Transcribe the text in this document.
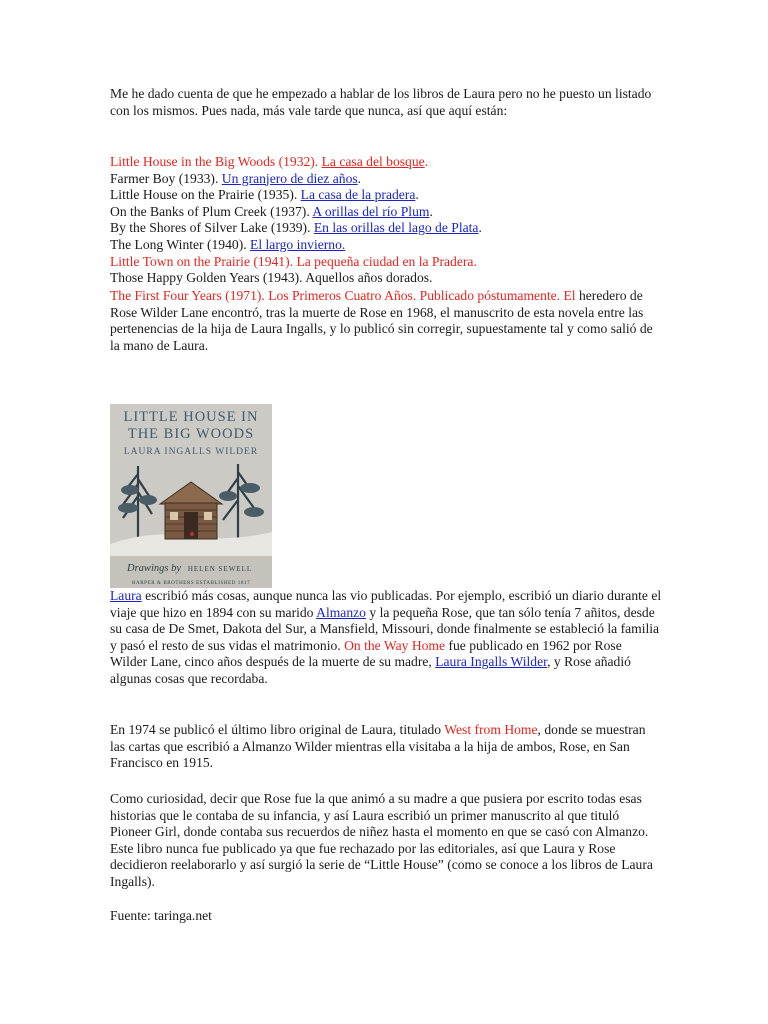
Me he dado cuenta de que he empezado a hablar de los libros de Laura pero no he puesto un listado con los mismos. Pues nada, más vale tarde que nunca, así que aquí están:

Little House in the Big Woods (1932). La casa del bosque.
Farmer Boy (1933). Un granjero de diez años.
Little House on the Prairie (1935). La casa de la pradera.
On the Banks of Plum Creek (1937). A orillas del río Plum.
By the Shores of Silver Lake (1939). En las orillas del lago de Plata.
The Long Winter (1940). El largo invierno.
Little Town on the Prairie (1941). La pequeña ciudad en la Pradera.
Those Happy Golden Years (1943). Aquellos años dorados.

The First Four Years (1971). Los Primeros Cuatro Años. Publicado póstumamente. El heredero de Rose Wilder Lane encontró, tras la muerte de Rose en 1968, el manuscrito de esta novela entre las pertenencias de la hija de Laura Ingalls, y lo publicó sin corregir, supuestamente tal y como salió de la mano de Laura.

LITTLE HOUSE IN
THE BIG WOODS
LAURA INGALLS WILDER
Drawings by HELEN SEWELL
HARPER & BROTHERS ESTABLISHED 1817

Laura escribió más cosas, aunque nunca las vio publicadas. Por ejemplo, escribió un diario durante el viaje que hizo en 1894 con su marido Almanzo y la pequeña Rose, que tan sólo tenía 7 añitos, desde su casa de De Smet, Dakota del Sur, a Mansfield, Missouri, donde finalmente se estableció la familia y pasó el resto de sus vidas el matrimonio. On the Way Home fue publicado en 1962 por Rose Wilder Lane, cinco años después de la muerte de su madre, Laura Ingalls Wilder, y Rose añadió algunas cosas que recordaba.

En 1974 se publicó el último libro original de Laura, titulado West from Home, donde se muestran las cartas que escribió a Almanzo Wilder mientras ella visitaba a la hija de ambos, Rose, en San Francisco en 1915.

Como curiosidad, decir que Rose fue la que animó a su madre a que pusiera por escrito todas esas historias que le contaba de su infancia, y así Laura escribió un primer manuscrito al que tituló Pioneer Girl, donde contaba sus recuerdos de niñez hasta el momento en que se casó con Almanzo. Este libro nunca fue publicado ya que fue rechazado por las editoriales, así que Laura y Rose decidieron reelaborarlo y así surgió la serie de “Little House” (como se conoce a los libros de Laura Ingalls).

Fuente: taringa.net
